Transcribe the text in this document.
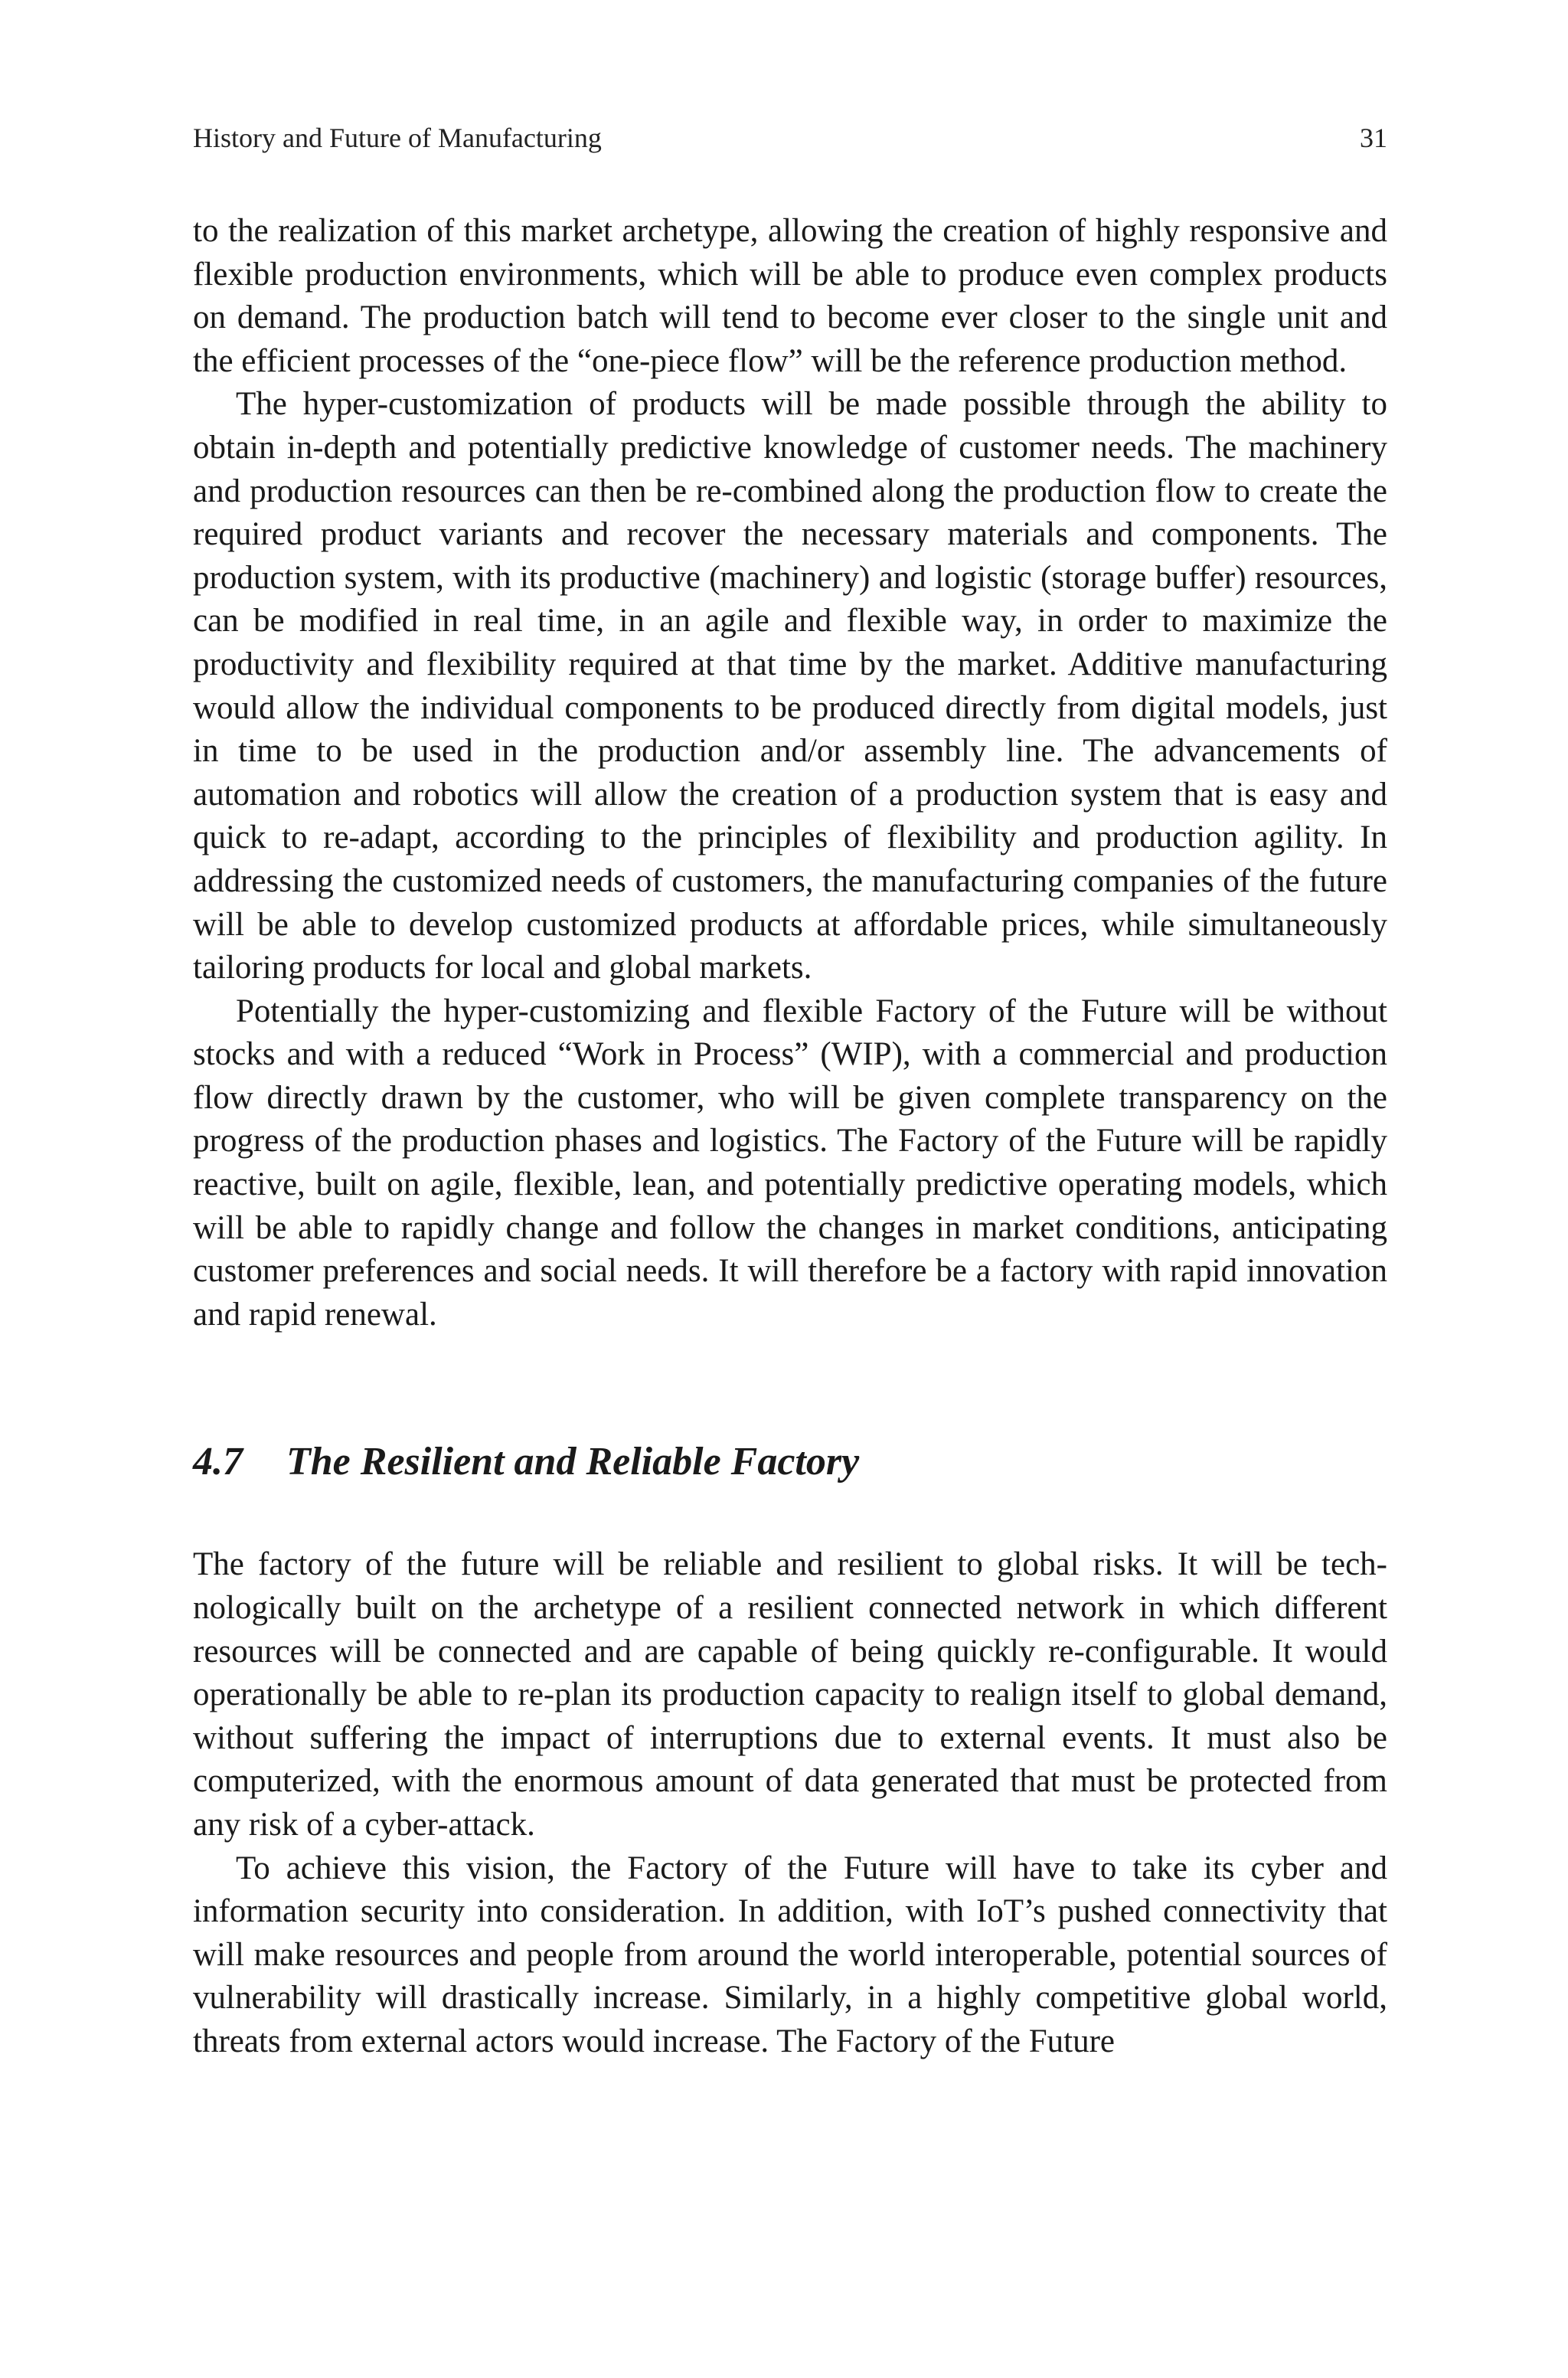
History and Future of Manufacturing	31

to the realization of this market archetype, allowing the creation of highly responsive and flexible production environments, which will be able to produce even complex products on demand. The production batch will tend to become ever closer to the single unit and the efficient processes of the “one-piece flow” will be the reference production method.

The hyper-customization of products will be made possible through the ability to obtain in-depth and potentially predictive knowledge of customer needs. The machinery and production resources can then be re-combined along the production flow to create the required product variants and recover the necessary materials and components. The production system, with its productive (machinery) and logistic (storage buffer) resources, can be modified in real time, in an agile and flexible way, in order to maximize the productivity and flexibility required at that time by the market. Additive manufacturing would allow the individual components to be produced directly from digital models, just in time to be used in the production and/or assembly line. The advancements of automation and robotics will allow the creation of a production system that is easy and quick to re-adapt, according to the principles of flexibility and production agility. In addressing the customized needs of customers, the manufacturing companies of the future will be able to develop customized products at affordable prices, while simultaneously tailoring products for local and global markets.

Potentially the hyper-customizing and flexible Factory of the Future will be without stocks and with a reduced “Work in Process” (WIP), with a commercial and production flow directly drawn by the customer, who will be given complete transparency on the progress of the production phases and logistics. The Factory of the Future will be rapidly reactive, built on agile, flexible, lean, and potentially predictive operating models, which will be able to rapidly change and follow the changes in market conditions, anticipating customer preferences and social needs. It will therefore be a factory with rapid innovation and rapid renewal.

4.7	The Resilient and Reliable Factory

The factory of the future will be reliable and resilient to global risks. It will be technologically built on the archetype of a resilient connected network in which different resources will be connected and are capable of being quickly re-configurable. It would operationally be able to re-plan its production capacity to realign itself to global demand, without suffering the impact of interruptions due to external events. It must also be computerized, with the enormous amount of data generated that must be protected from any risk of a cyber-attack.

To achieve this vision, the Factory of the Future will have to take its cyber and information security into consideration. In addition, with IoT’s pushed connectivity that will make resources and people from around the world interoperable, potential sources of vulnerability will drastically increase. Similarly, in a highly competitive global world, threats from external actors would increase. The Factory of the Future
